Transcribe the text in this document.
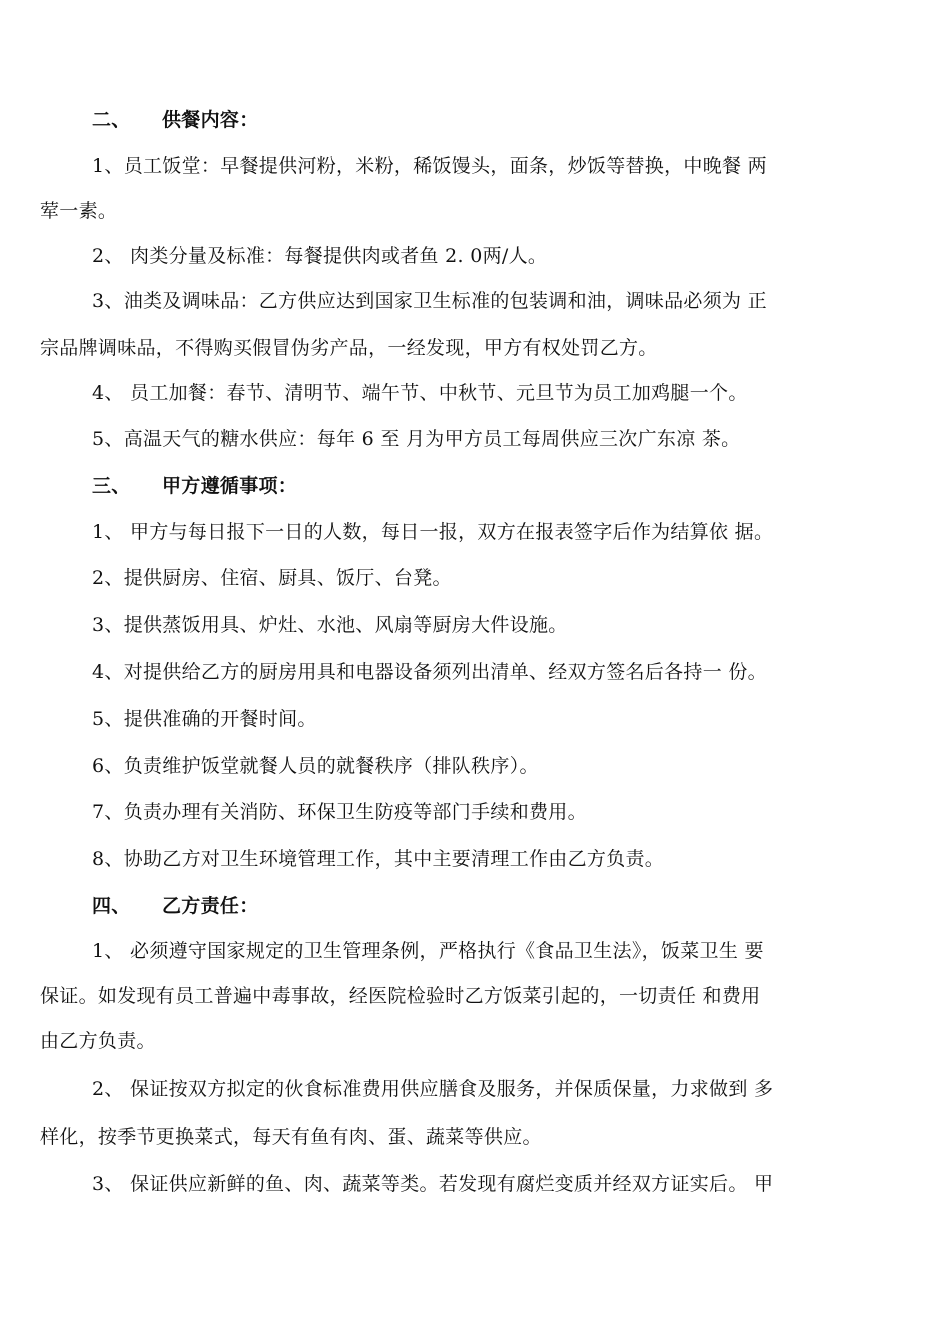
二、 供餐内容：
1、员工饭堂：早餐提供河粉，米粉，稀饭馒头，面条，炒饭等替换，中晚餐 两
荤一素。
2、 肉类分量及标准：每餐提供肉或者鱼 2. 0两/人。
3、油类及调味品：乙方供应达到国家卫生标准的包装调和油，调味品必须为 正
宗品牌调味品，不得购买假冒伪劣产品，一经发现，甲方有权处罚乙方。
4、 员工加餐：春节、清明节、端午节、中秋节、元旦节为员工加鸡腿一个。
5、高温天气的糖水供应：每年 6 至 月为甲方员工每周供应三次广东凉 茶。
三、 甲方遵循事项：
1、 甲方与每日报下一日的人数，每日一报，双方在报表签字后作为结算依 据。
2、提供厨房、住宿、厨具、饭厅、台凳。
3、提供蒸饭用具、炉灶、水池、风扇等厨房大件设施。
4、对提供给乙方的厨房用具和电器设备须列出清单、经双方签名后各持一 份。
5、提供准确的开餐时间。
6、负责维护饭堂就餐人员的就餐秩序（排队秩序）。
7、负责办理有关消防、环保卫生防疫等部门手续和费用。
8、协助乙方对卫生环境管理工作，其中主要清理工作由乙方负责。
四、 乙方责任：
1、 必须遵守国家规定的卫生管理条例，严格执行《食品卫生法》，饭菜卫生 要
保证。如发现有员工普遍中毒事故，经医院检验时乙方饭菜引起的，一切责任 和费用
由乙方负责。
2、 保证按双方拟定的伙食标准费用供应膳食及服务，并保质保量，力求做到 多
样化，按季节更换菜式，每天有鱼有肉、蛋、蔬菜等供应。
3、 保证供应新鲜的鱼、肉、蔬菜等类。若发现有腐烂变质并经双方证实后。 甲
